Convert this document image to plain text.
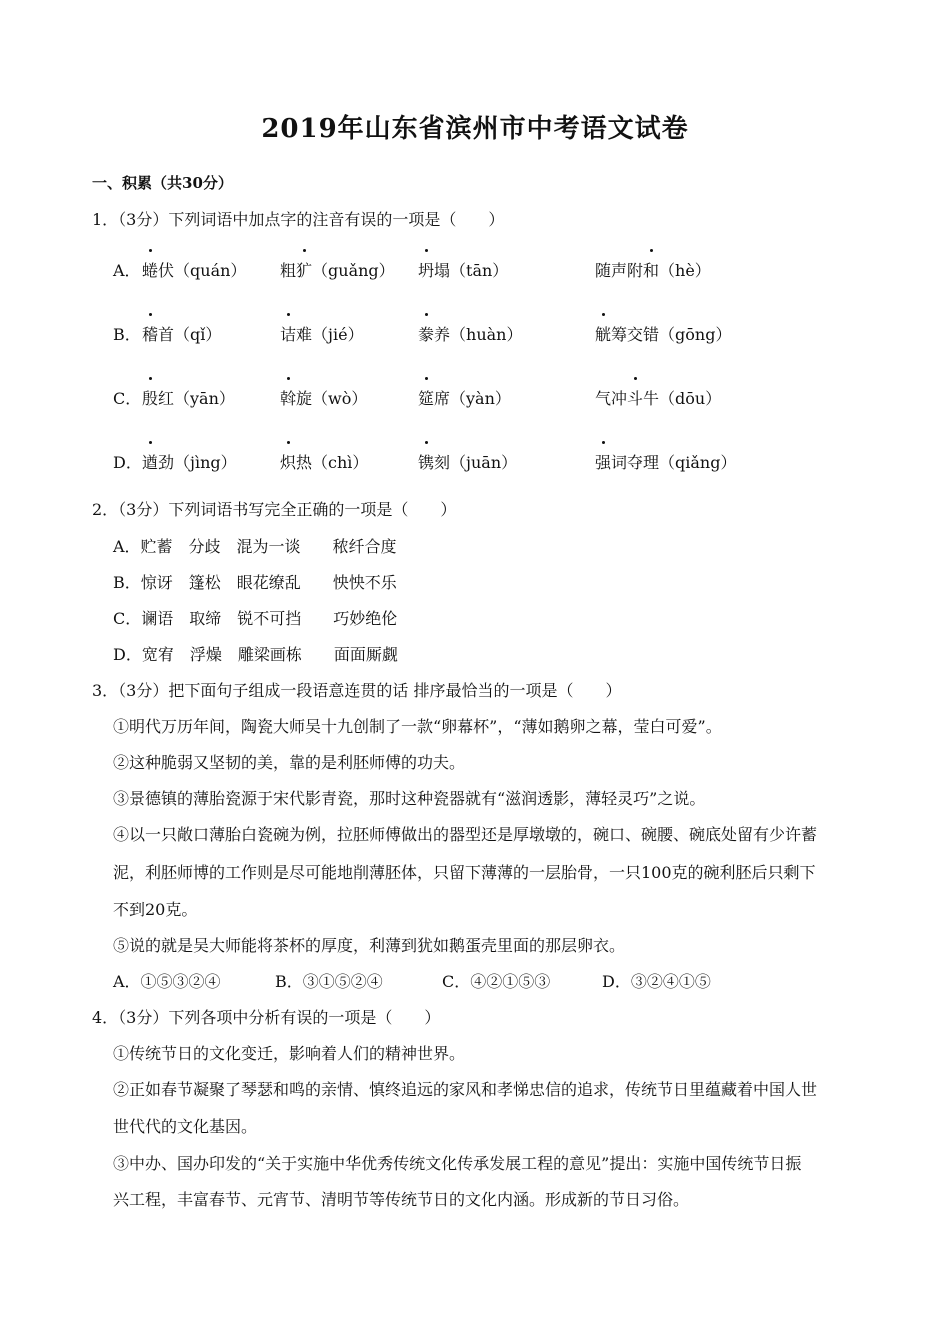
2019年山东省滨州市中考语文试卷
一、积累（共30分）
1．（3分）下列词语中加点字的注音有误的一项是（　　）
A． 蜷伏（quán） 粗犷（guǎng） 坍塌（tān）	随声附和（hè）
B． 稽首（qǐ）	诘难（jié）	豢养（huàn）	觥筹交错（gōng）
C． 殷红（yān）	斡旋（wò）	筵席（yàn）	气冲斗牛（dōu）
D． 遒劲（jìng）	炽热（chì）	镌刻（juān）	强词夺理（qiǎng）
2．（3分）下列词语书写完全正确的一项是（　　）
A．贮蓄　分歧　混为一谈　　秾纤合度
B．惊讶　篷松　眼花缭乱　　怏怏不乐
C．谰语　取缔　锐不可挡　　巧妙绝伦
D．宽宥　浮燥　雕梁画栋　　面面厮觑
3．（3分）把下面句子组成一段语意连贯的话 排序最恰当的一项是（　　）
①明代万历年间，陶瓷大师吴十九创制了一款“卵幕杯”，“薄如鹅卵之幕，莹白可爱”。
②这种脆弱又坚韧的美，靠的是利胚师傅的功夫。
③景德镇的薄胎瓷源于宋代影青瓷，那时这种瓷器就有“滋润透影，薄轻灵巧”之说。
④以一只敞口薄胎白瓷碗为例，拉胚师傅做出的器型还是厚墩墩的，碗口、碗腰、碗底处留有少许蓄
泥，利胚师博的工作则是尽可能地削薄胚体，只留下薄薄的一层胎骨，一只100克的碗利胚后只剩下
不到20克。
⑤说的就是吴大师能将茶杯的厚度，利薄到犹如鹅蛋壳里面的那层卵衣。
A．①⑤③②④	B．③①⑤②④	C．④②①⑤③	D．③②④①⑤
4．（3分）下列各项中分析有误的一项是（　　）
①传统节日的文化变迁，影响着人们的精神世界。
②正如春节凝聚了琴瑟和鸣的亲情、慎终追远的家风和孝悌忠信的追求，传统节日里蕴藏着中国人世
世代代的文化基因。
③中办、国办印发的“关于实施中华优秀传统文化传承发展工程的意见”提出：实施中国传统节日振
兴工程，丰富春节、元宵节、清明节等传统节日的文化内涵。形成新的节日习俗。
